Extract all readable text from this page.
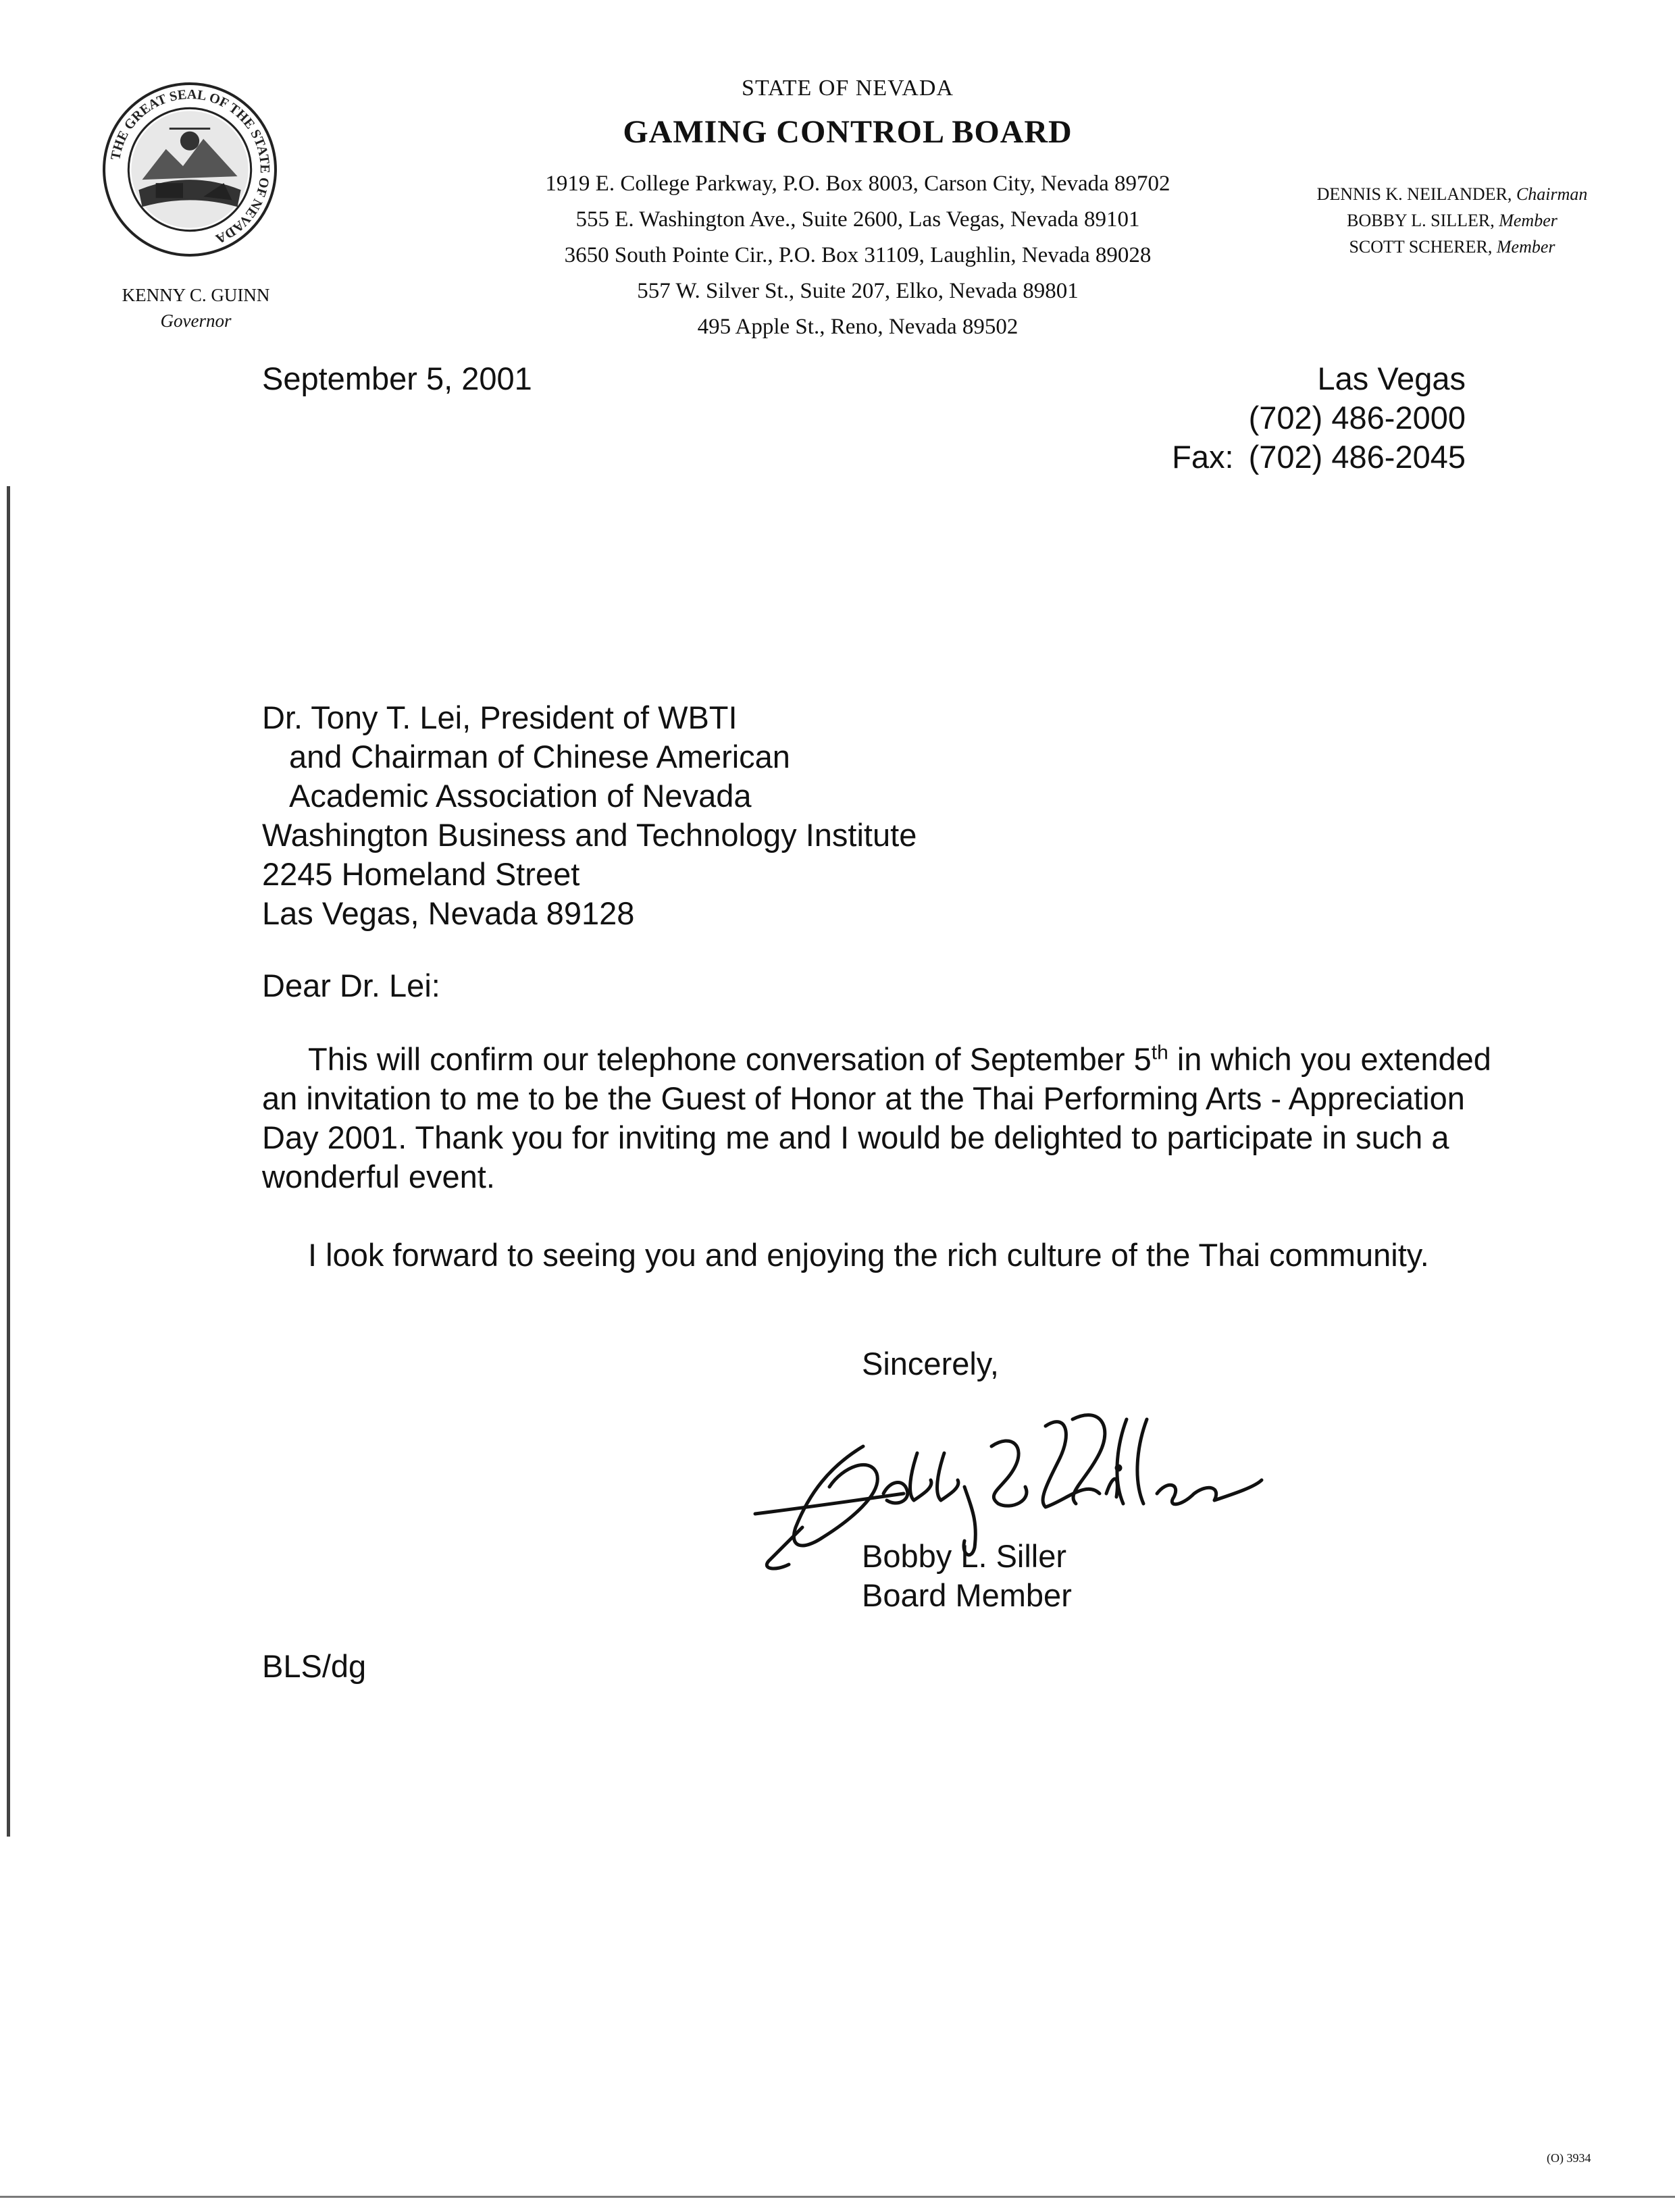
THE GREAT SEAL OF THE STATE OF NEVADA
STATE OF NEVADA
GAMING CONTROL BOARD
1919 E. College Parkway, P.O. Box 8003, Carson City, Nevada 89702
555 E. Washington Ave., Suite 2600, Las Vegas, Nevada 89101
3650 South Pointe Cir., P.O. Box 31109, Laughlin, Nevada 89028
557 W. Silver St., Suite 207, Elko, Nevada 89801
495 Apple St., Reno, Nevada 89502
KENNY C. GUINN
Governor
DENNIS K. NEILANDER, Chairman
BOBBY L. SILLER, Member
SCOTT SCHERER, Member
September 5, 2001	Las Vegas
(702) 486-2000
Fax: (702) 486-2045
Dr. Tony T. Lei, President of WBTI
and Chairman of Chinese American
Academic Association of Nevada
Washington Business and Technology Institute
2245 Homeland Street
Las Vegas, Nevada 89128
Dear Dr. Lei:

This will confirm our telephone conversation of September 5th in which you extended an invitation to me to be the Guest of Honor at the Thai Performing Arts - Appreciation Day 2001. Thank you for inviting me and I would be delighted to participate in such a wonderful event.

I look forward to seeing you and enjoying the rich culture of the Thai community.

Sincerely,
Bobby L. Siller
Board Member
BLS/dg
(O) 3934
